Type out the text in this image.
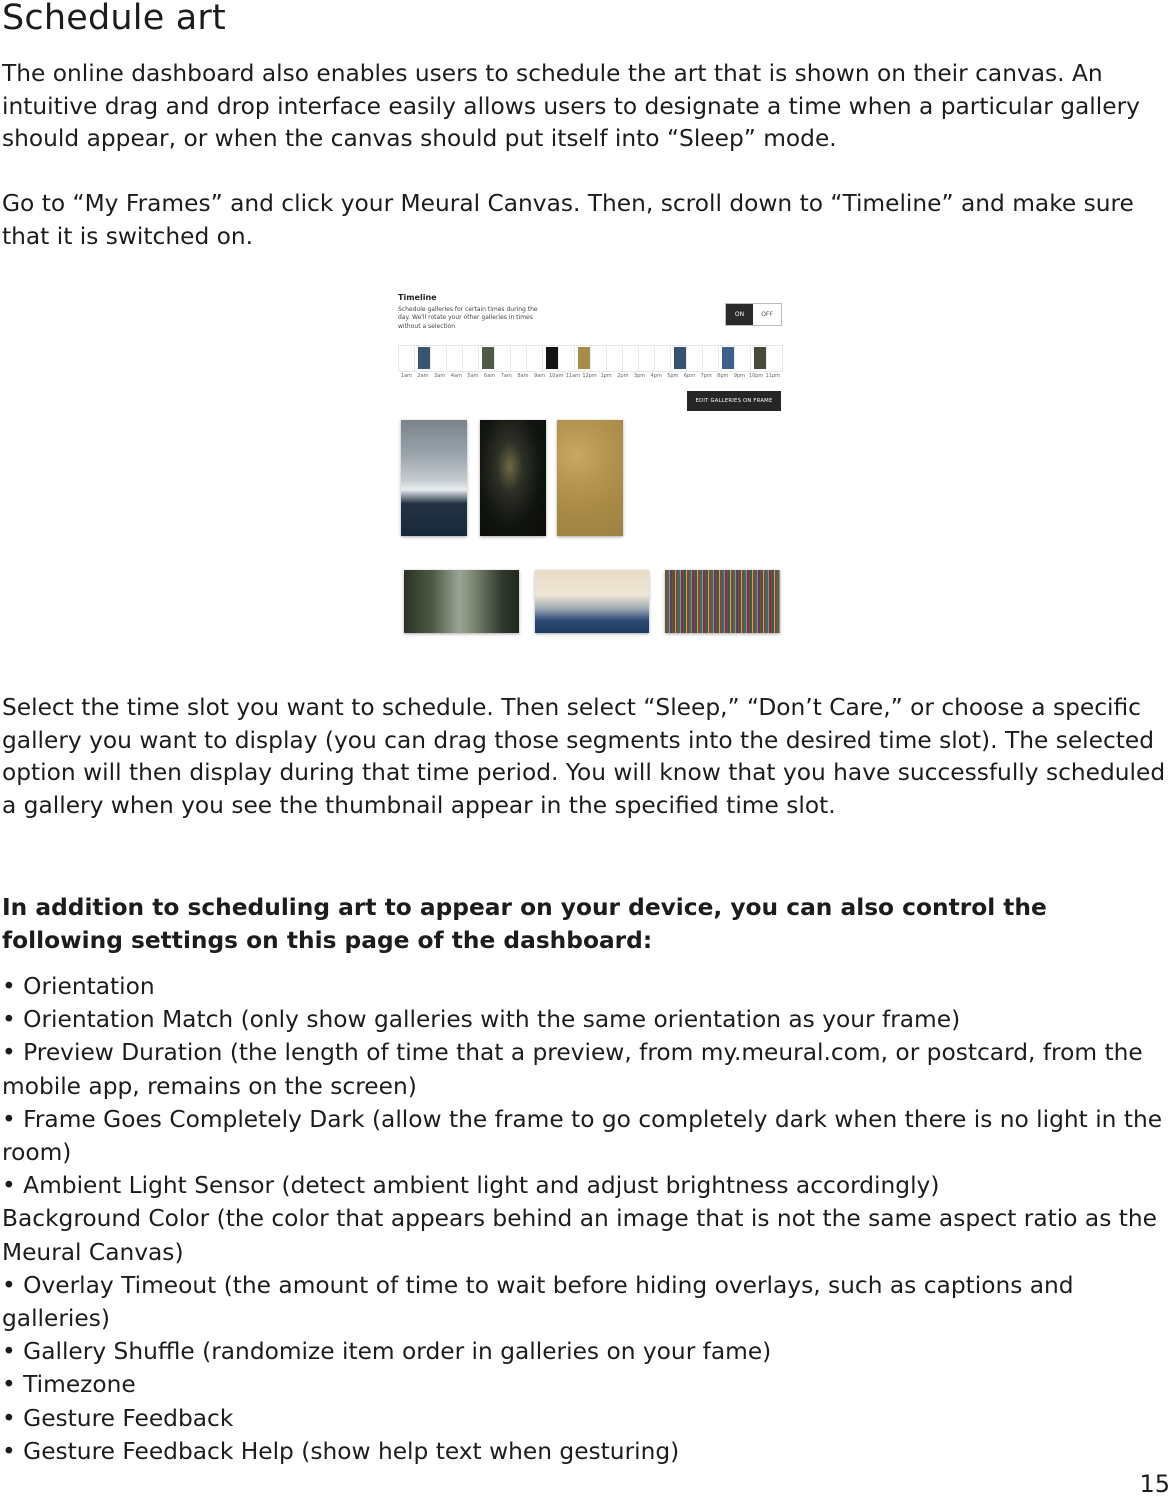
Schedule art

The online dashboard also enables users to schedule the art that is shown on their canvas. An intuitive drag and drop interface easily allows users to designate a time when a particular gallery should appear, or when the canvas should put itself into “Sleep” mode.

Go to “My Frames” and click your Meural Canvas. Then, scroll down to “Timeline” and make sure that it is switched on.

Timeline
Schedule galleries for certain times during the day. We'll rotate your other galleries in times without a selection
ON	OFF
1am	2am	3am	4am	5am	6am	7am	8am	9am 10am 11am 12pm 1pm	2pm	3pm	4pm	5pm	6pm	7pm	8pm	9pm 10pm 11pm
EDIT GALLERIES ON FRAME

Select the time slot you want to schedule. Then select “Sleep,” “Don’t Care,” or choose a specific gallery you want to display (you can drag those segments into the desired time slot). The selected option will then display during that time period. You will know that you have successfully scheduled a gallery when you see the thumbnail appear in the specified time slot.

In addition to scheduling art to appear on your device, you can also control the following settings on this page of the dashboard:

• Orientation
• Orientation Match (only show galleries with the same orientation as your frame)
• Preview Duration (the length of time that a preview, from my.meural.com, or postcard, from the mobile app, remains on the screen)
• Frame Goes Completely Dark (allow the frame to go completely dark when there is no light in the room)
• Ambient Light Sensor (detect ambient light and adjust brightness accordingly)
Background Color (the color that appears behind an image that is not the same aspect ratio as the Meural Canvas)
• Overlay Timeout (the amount of time to wait before hiding overlays, such as captions and galleries)
• Gallery Shuffle (randomize item order in galleries on your fame)
• Timezone
• Gesture Feedback
• Gesture Feedback Help (show help text when gesturing)
15
